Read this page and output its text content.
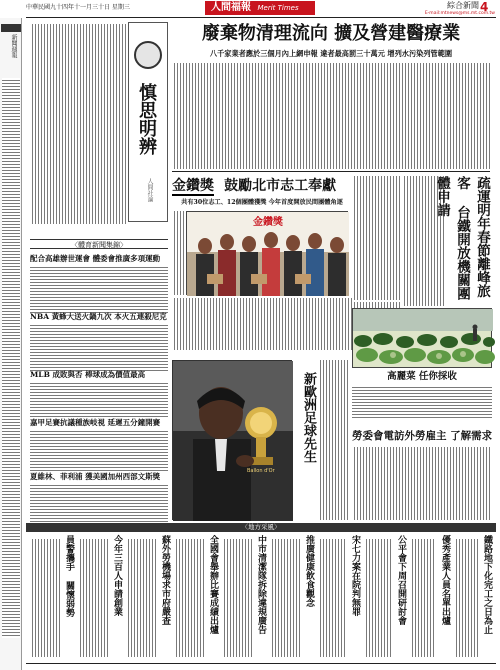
中華民國九十四年十一月三十日 星期三	人間福報 Merit Times	綜合新聞 4
E-mail:mtnews@ms.mt.com.tw
新聞週報
慎思明辨
人間社論
〈體育新聞集錦〉
配合高雄辦世運會 體委會推廣多項運動
NBA 黃蜂大送火鍋九次 本火五連殺尼克
MLB 成敗與否 棒球成為價值最高
嘉甲足賽抗議種族岐視 延遲五分鐘開賽
夏維林、菲利浦 獲美國加州西部文斯獎
廢棄物清理流向 擴及營建醫療業
八千家業者應於三個月內上網申報 違者最高罰三十萬元 增列水污染列管範圍
金鑽獎 鼓勵北市志工奉獻
共有30位志工、12個團體獲獎 今年首度開放民間團體角逐
金鑽獎	疏運明年春節離峰旅客 台鐵開放機關團體申請
高麗菜 任你採收
Ballon d'Or
新歐洲足球先生	勞委會電訪外勞雇主 了解需求
〈地方采風〉
員警攜手 關懷弱勢	今年三百人申請創業	蘇外勞機場求市府嚴查	全國會舉辦比賽成績出爐	中市清潔隊拆除違規廣告	推廣健康飲食觀念	宋七力案在院判無罪	公平會下周召開研討會	優秀產業人員名單出爐	鐵路地下化完工之日為止
